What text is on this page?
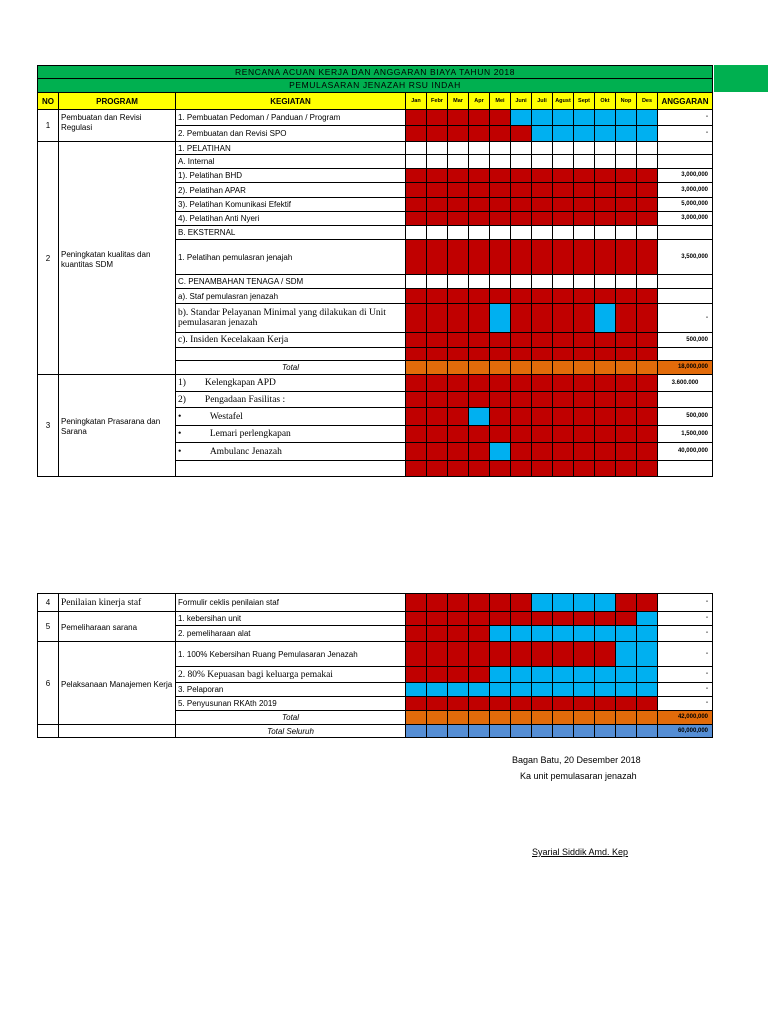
RENCANA ACUAN KERJA DAN ANGGARAN BIAYA TAHUN 2018															
PEMULASARAN JENAZAH RSU INDAH															
NO	PROGRAM	KEGIATAN	Jan	Febr	Mar	Apr	Mei	Juni	Juli	Agust	Sept	Okt	Nop	Des	ANGGARAN
1	Pembuatan dan Revisi Regulasi	1. Pembuatan Pedoman / Panduan / Program													-
		2. Pembuatan dan Revisi SPO													-
2	Peningkatan kualitas dan kuantitas SDM	1. PELATIHAN													
		A. Internal													
		1). Pelatihan BHD													3,000,000
		2). Pelatihan APAR													3,000,000
		3). Pelatihan Komunikasi Efektif													5,000,000
		4). Pelatihan Anti Nyeri													3,000,000
		B. EKSTERNAL													
		1. Pelatihan pemulasran jenajah													3,500,000
		C. PENAMBAHAN TENAGA / SDM													
		a). Staf pemulasran jenazah													
		b). Standar Pelayanan Minimal yang dilakukan di Unit pemulasaran jenazah													-
		c). Insiden Kecelakaan Kerja													500,000

		Total													18,000,000
3	Peningkatan Prasarana dan Sarana	1)  Kelengkapan APD													3.600.000
		2)  Pengadaan Fasilitas :													
		•   Westafel													500,000
		•   Lemari perlengkapan													1,500,000
		•   Ambulanc Jenazah													40,000,000

4	Penilaian kinerja staf	Formulir ceklis penilaian staf													-
5	Pemeliharaan sarana	1. kebersihan unit													-
		2. pemeliharaan alat													-
6	Pelaksanaan Manajemen Kerja	1. 100% Kebersihan Ruang Pemulasaran Jenazah													-
		2. 80% Kepuasan bagi keluarga pemakai													-
		3. Pelaporan													-
		5. Penyusunan RKAth 2019													-
		Total													42,000,000
		Total Seluruh													60,000,000
Bagan Batu, 20 Desember 2018
Ka unit pemulasaran jenazah
Syarial Siddik Amd. Kep
